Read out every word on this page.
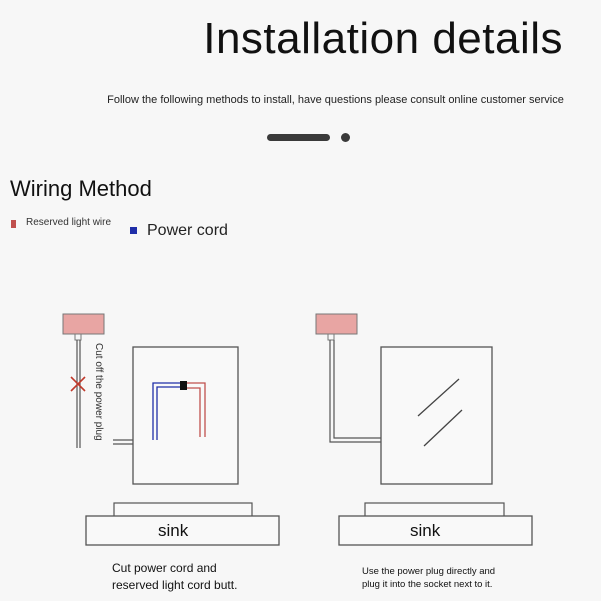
Installation details
Follow the following methods to install, have questions please consult online customer service
Wiring Method
Reserved light wire Power cord
Cut off the power plug
sink	sink
Cut power cord and
reserved light cord butt.
Use the power plug directly and
plug it into the socket next to it.
